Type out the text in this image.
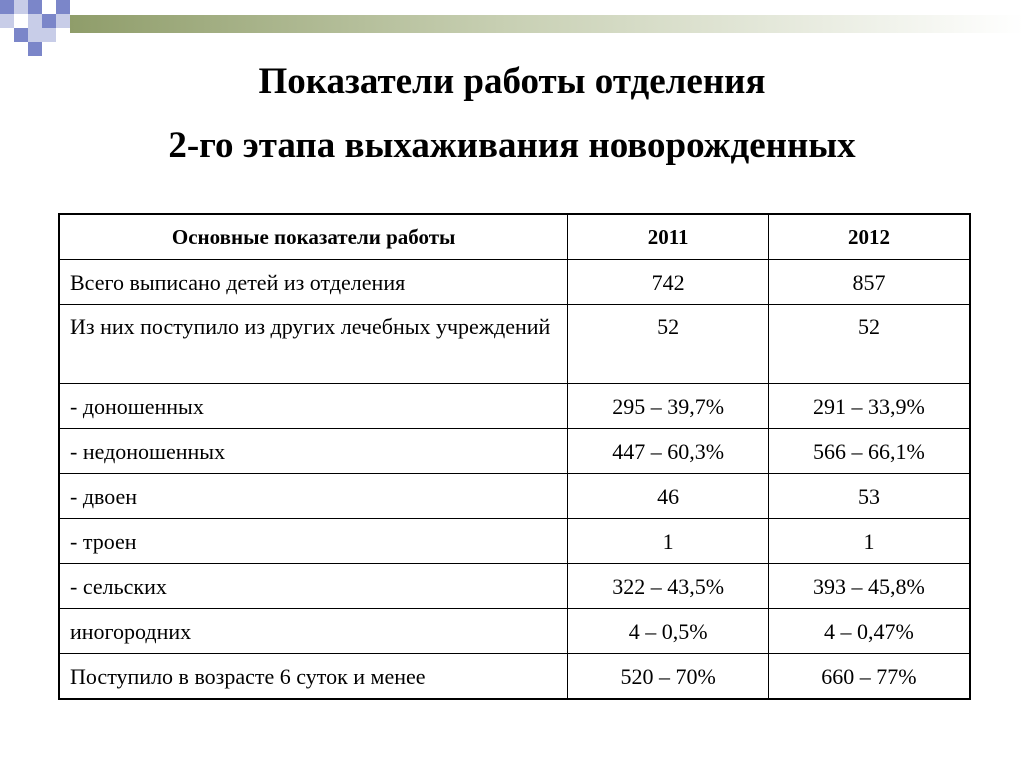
Показатели работы отделения
2-го этапа выхаживания новорожденных
Основные показатели работы	2011	2012
Всего выписано детей из отделения	742	857
Из них поступило из других лечебных учреждений	52	52
- доношенных	295 – 39,7%	291 – 33,9%
- недоношенных	447 – 60,3%	566 – 66,1%
- двоен	46	53
- троен	1	1
- сельских	322 – 43,5%	393 – 45,8%
иногородних	4 – 0,5%	4 – 0,47%
Поступило в возрасте 6 суток и менее	520 – 70%	660 – 77%
